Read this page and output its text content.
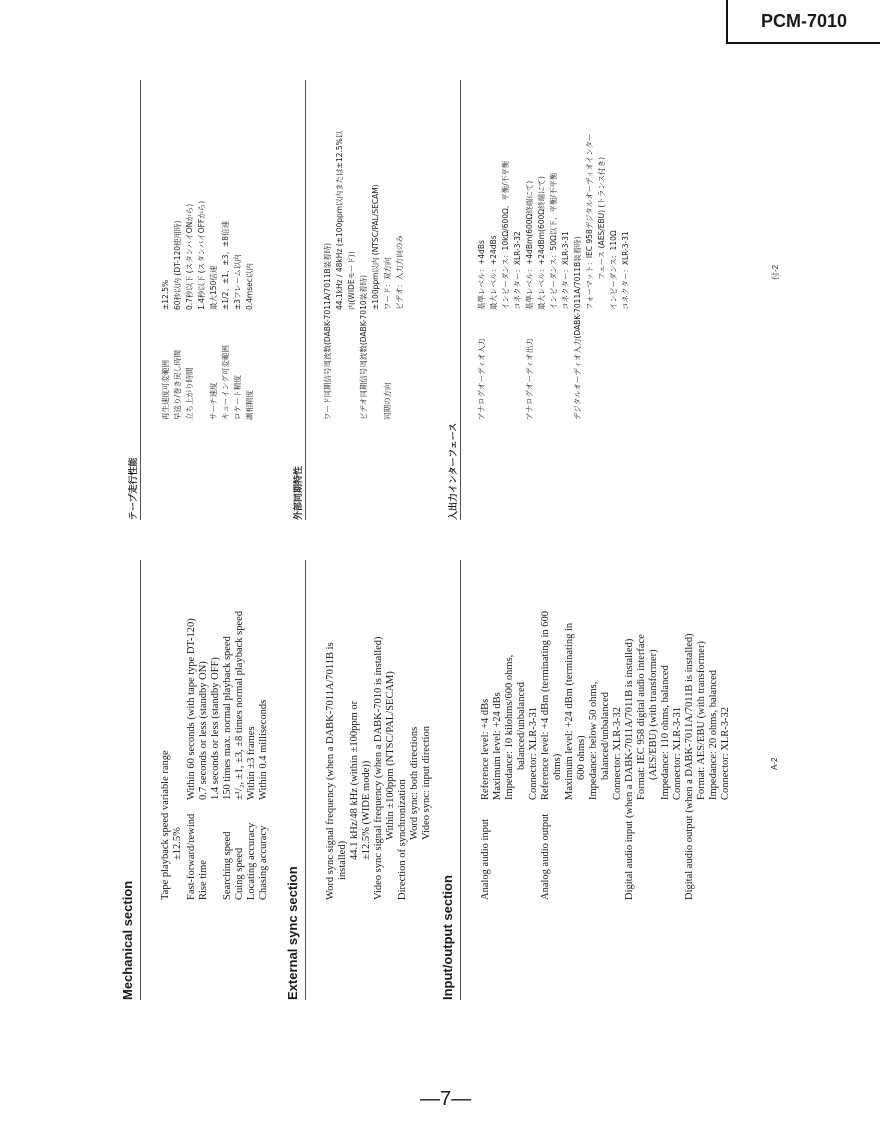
PCM-7010
Mechanical section
Tape playback speed variable range ±12.5% Fast-forward/rewind
Within 60 seconds (with tape type DT-120)
Rise time
0.7 seconds or less (standby ON) 1.4 seconds or less (standby OFF)
Searching speed
150 times max. normal playback speed
Cuing speed
±¹/₂, ±1, ±3, ±8 times normal playback speed
Locating accuracy
Within ±3 frames
Chasing accuracy
Within 0.4 milliseconds
External sync section
Word sync signal frequency (when a DABK-7011A/7011B is installed)
44.1 kHz/48 kHz (within ±100ppm or ±12.5% (WIDE mode)) Video sync signal frequency (when a DABK-7010 is installed) Within ±100ppm (NTSC/PAL/SECAM) Direction of synchronization Word sync: both directions Video sync: input direction
Input/output section
Analog audio input
Reference level: +4 dBs Maximum level: +24 dBs Impedance: 10 kilohms/600 ohms, balanced/unbalanced Connector: XLR-3-31
Analog audio output
Reference level: +4 dBm (terminating in 600 ohms) Maximum level: +24 dBm (terminating in 600 ohms) Impedance: below 50 ohms, balanced/unbalanced Connector: XLR-3-32 Digital audio input (when a DABK-7011A/7011B is installed) Format: IEC 958 digital audio interface (AES/EBU) (with transformer) Impedance: 110 ohms, balanced Connector: XLR-3-31 Digital audio output (when a DABK-7011A/7011B is installed) Format: AES/EBU (with transformer) Impedance: 20 ohms, balanced Connector: XLR-3-32	A-2
テープ走行性能
再生速度可変範囲
±12.5%
早送り/巻き戻し時間
60秒以内 (DT-120使用時)
立ち上がり時間
0.7秒以下 (スタンバイONから) 1.4秒以下 (スタンバイOFFから)
サーチ速度
最大150倍速
キューイング可変範囲
±1/2、±1、±3、±8倍速
ロケート精度
±3フレーム以内
調相精度
0.4msec以内
外部同期特性
ワード同期信号周波数(DABK-7011A/7011B装着時)
44.1kHz / 48kHz (±100ppm以内または±12.5%以 内(WIDEモード)) ビデオ同期信号周波数(DABK-7010装着時)
±100ppm以内 (NTSC/PAL/SECAM)
同期の方向
ワード：双方向 ビデオ：入力方向のみ
入出力インターフェース
アナログオーディオ入力
基準レベル：+4dBs 最大レベル：+24dBs インピーダンス：10kΩ/600Ω、平衡/不平衡 コネクター：XLR-3-32
アナログオーディオ出力
基準レベル：+4dBm(600Ω終端にて) 最大レベル：+24dBm(600Ω終端にて) インピーダンス：50Ω以下、平衡/不平衡 コネクター：XLR-3-31 デジタルオーディオ入力(DABK-7011A/7011B装着時)
フォーマット：IEC 958デジタルオーディオインター フェース (AES/EBU) (トランス付き) インピーダンス：110Ω コネクター：XLR-3-31	付-2
—7—
